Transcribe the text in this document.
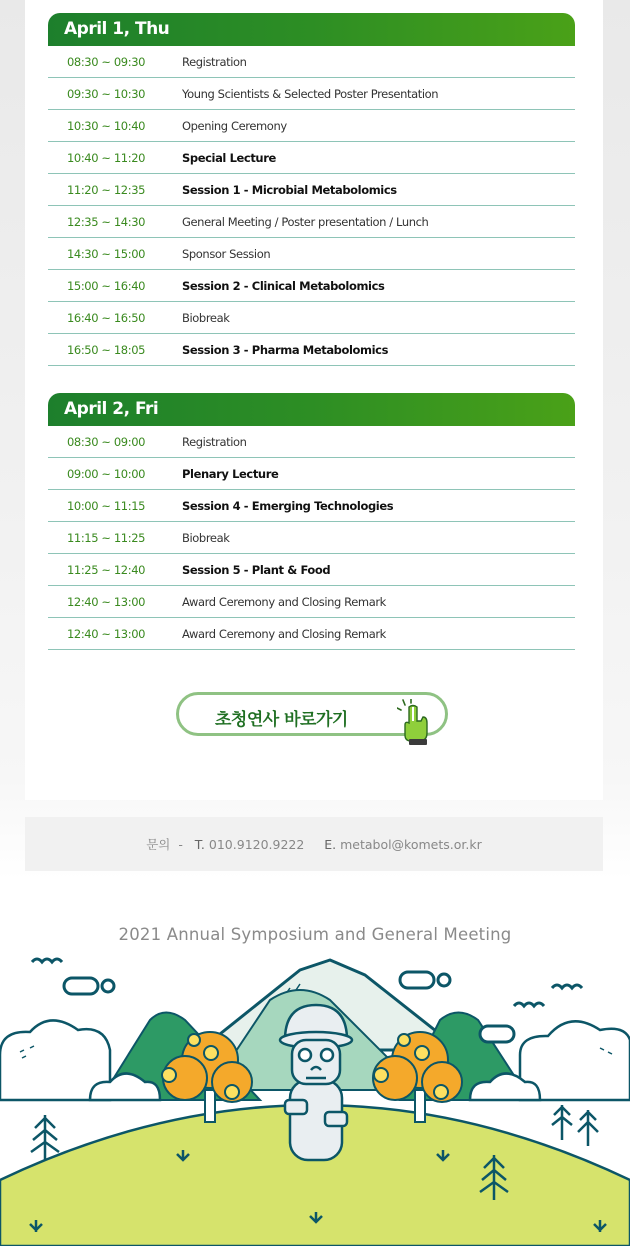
April 1, Thu
08:30 ~ 09:30	Registration
09:30 ~ 10:30	Young Scientists & Selected Poster Presentation
10:30 ~ 10:40	Opening Ceremony
10:40 ~ 11:20	Special Lecture
11:20 ~ 12:35	Session 1 - Microbial Metabolomics
12:35 ~ 14:30	General Meeting / Poster presentation / Lunch
14:30 ~ 15:00	Sponsor Session
15:00 ~ 16:40	Session 2 - Clinical Metabolomics
16:40 ~ 16:50	Biobreak
16:50 ~ 18:05	Session 3 - Pharma Metabolomics
April 2, Fri
08:30 ~ 09:00	Registration
09:00 ~ 10:00	Plenary Lecture
10:00 ~ 11:15	Session 4 - Emerging Technologies
11:15 ~ 11:25	Biobreak
11:25 ~ 12:40	Session 5 - Plant & Food
12:40 ~ 13:00	Award Ceremony and Closing Remark
12:40 ~ 13:00	Award Ceremony and Closing Remark
초청연사 바로가기
문의 - T. 010.9120.9222 E. metabol@komets.or.kr
2021 Annual Symposium and General Meeting
